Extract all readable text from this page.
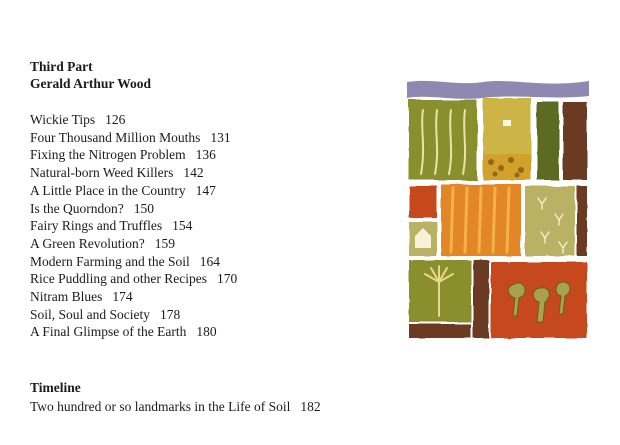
Third Part
Gerald Arthur Wood
Wickie Tips 126
Four Thousand Million Mouths 131
Fixing the Nitrogen Problem 136
Natural-born Weed Killers 142
A Little Place in the Country 147
Is the Quorndon? 150
Fairy Rings and Truffles 154
A Green Revolution? 159
Modern Farming and the Soil 164
Rice Puddling and other Recipes 170
Nitram Blues 174
Soil, Soul and Society 178
A Final Glimpse of the Earth 180
Timeline
Two hundred or so landmarks in the Life of Soil 182
